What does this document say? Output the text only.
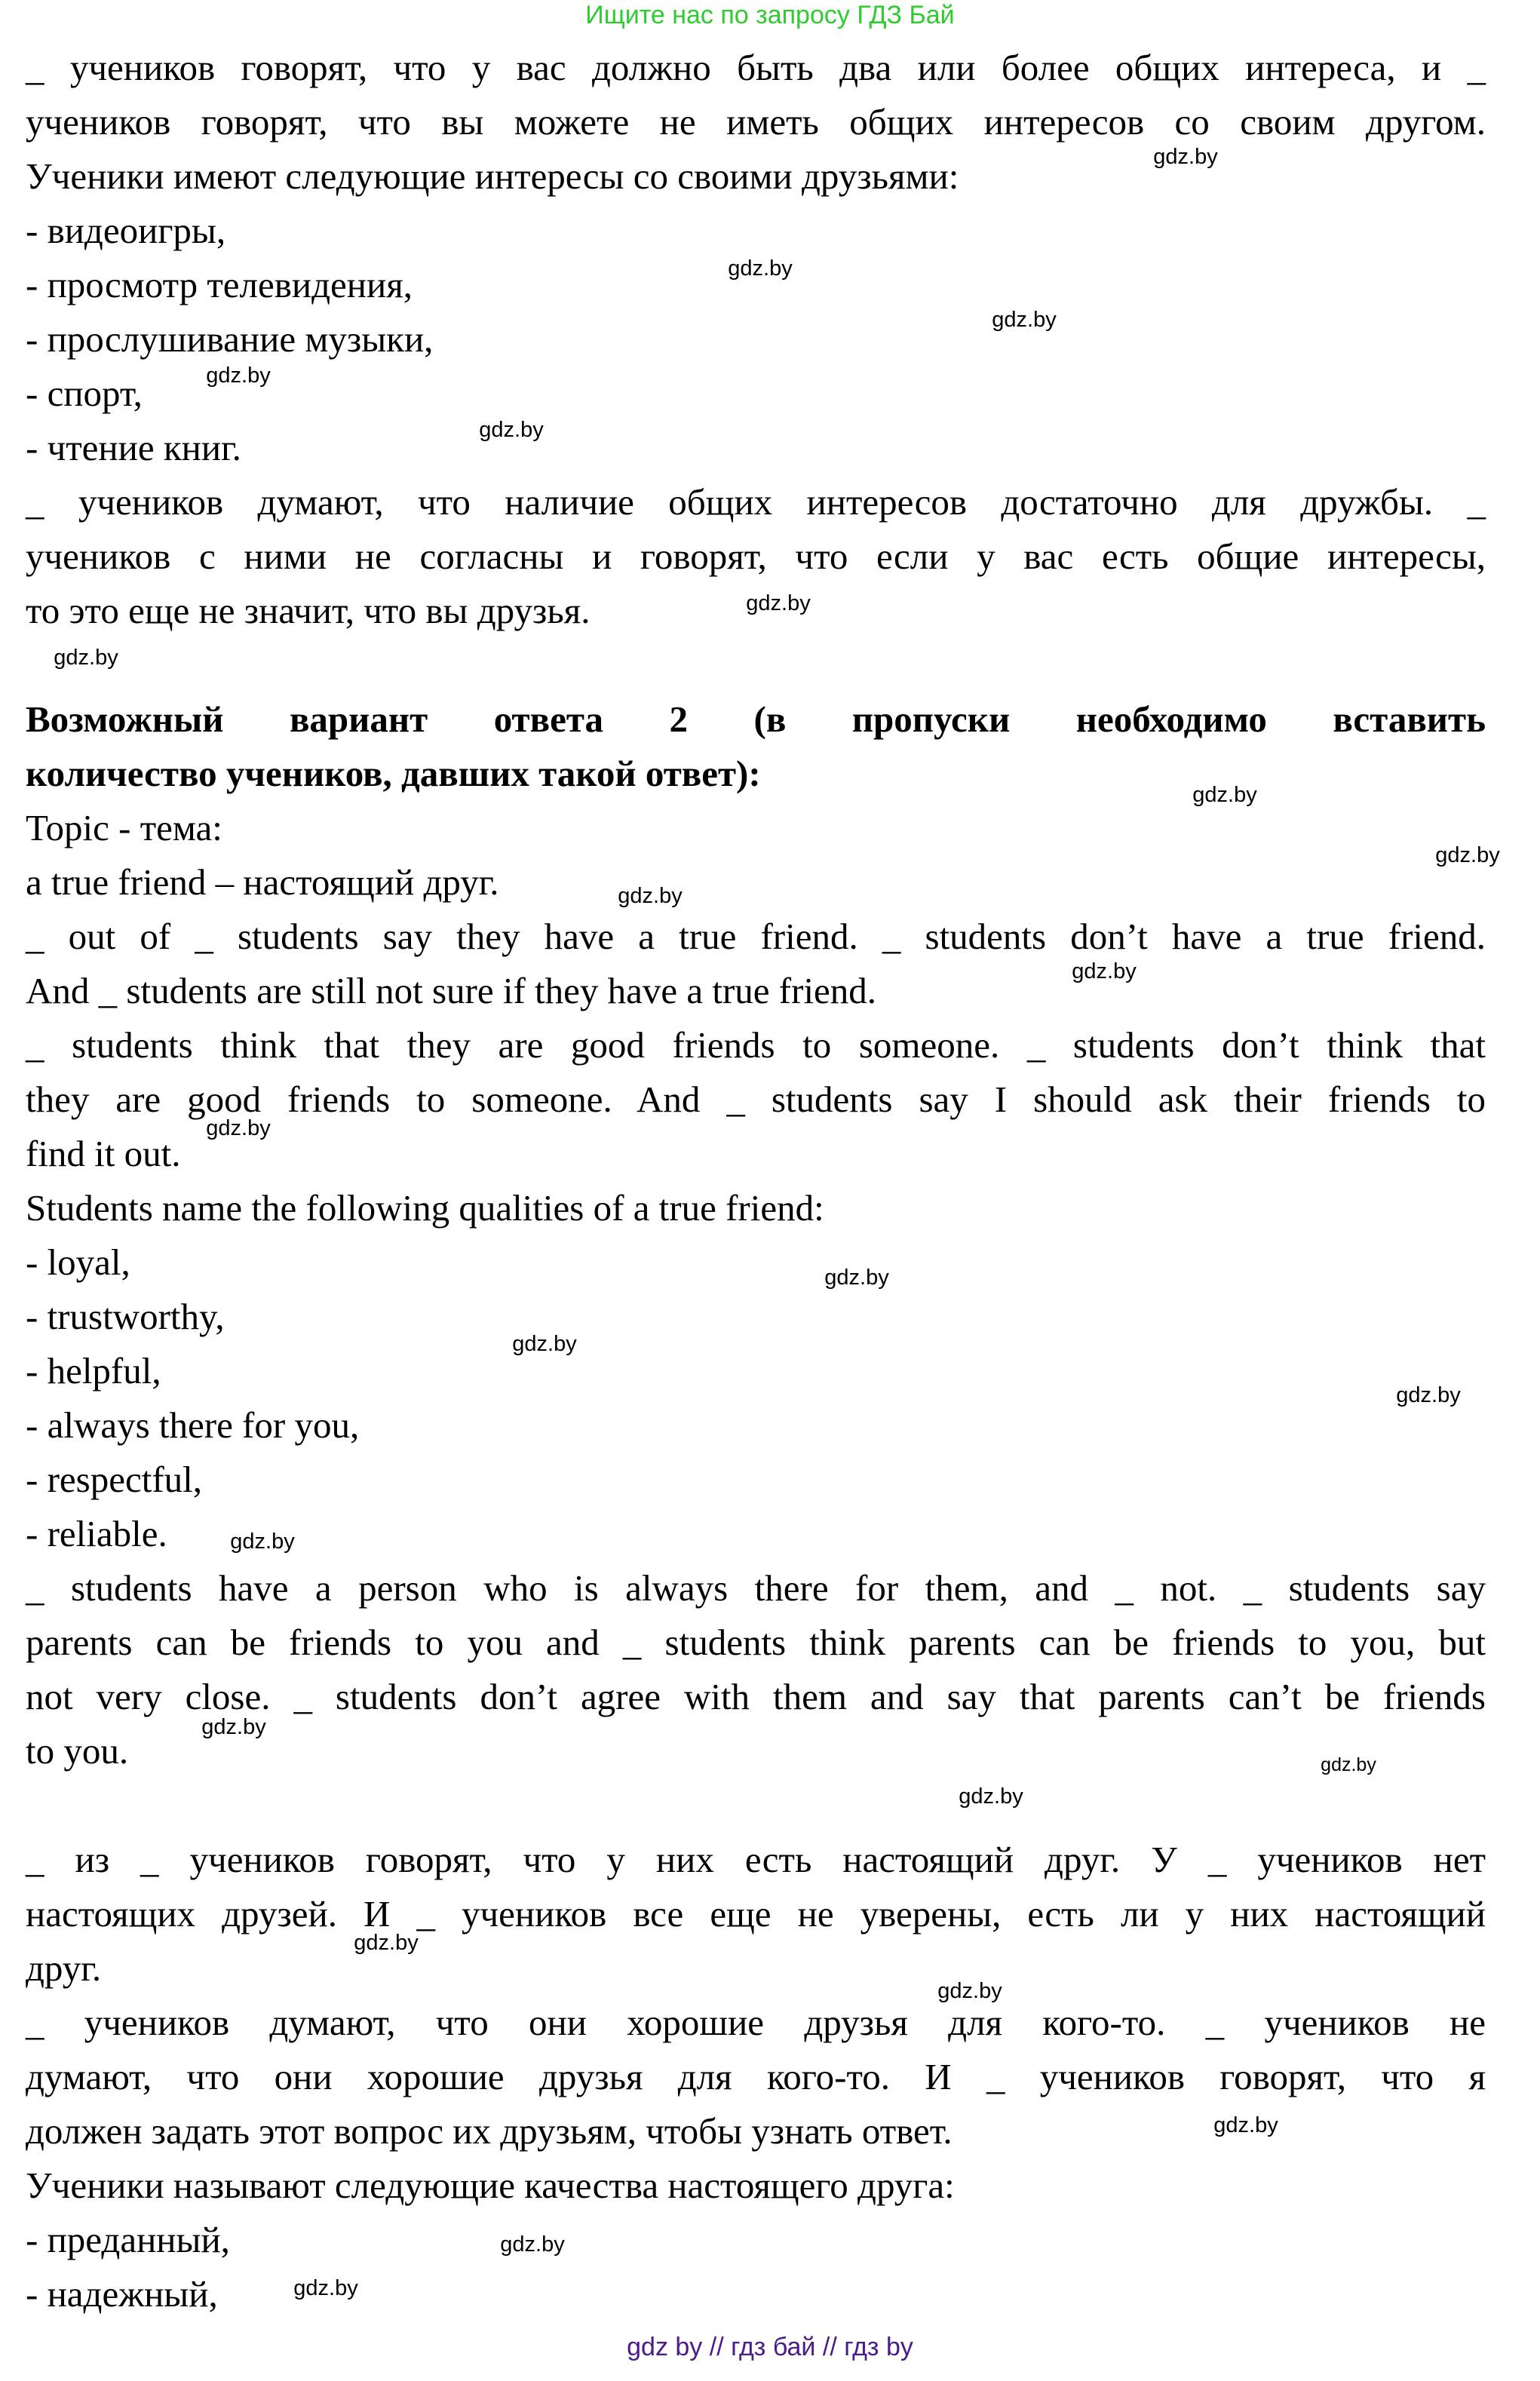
Ищите нас по запросу ГДЗ Бай
_ учеников говорят, что у вас должно быть два или более общих интереса, и _
учеников говорят, что вы можете не иметь общих интересов со своим другом.
Ученики имеют следующие интересы со своими друзьями:
- видеоигры,
- просмотр телевидения,
- прослушивание музыки,
- спорт,
- чтение книг.
_ учеников думают, что наличие общих интересов достаточно для дружбы. _
учеников с ними не согласны и говорят, что если у вас есть общие интересы,
то это еще не значит, что вы друзья.
Возможный вариант ответа 2 (в пропуски необходимо вставить
количество учеников, давших такой ответ):
Topic - тема:
a true friend – настоящий друг.
_ out of _ students say they have a true friend. _ students don’t have a true friend.
And _ students are still not sure if they have a true friend.
_ students think that they are good friends to someone. _ students don’t think that
they are good friends to someone. And _ students say I should ask their friends to
find it out.
Students name the following qualities of a true friend:
- loyal,
- trustworthy,
- helpful,
- always there for you,
- respectful,
- reliable.
_ students have a person who is always there for them, and _ not. _ students say
parents can be friends to you and _ students think parents can be friends to you, but
not very close. _ students don’t agree with them and say that parents can’t be friends
to you.
_ из _ учеников говорят, что у них есть настоящий друг. У _ учеников нет
настоящих друзей. И _ учеников все еще не уверены, есть ли у них настоящий
друг.
_ учеников думают, что они хорошие друзья для кого-то. _ учеников не
думают, что они хорошие друзья для кого-то. И _ учеников говорят, что я
должен задать этот вопрос их друзьям, чтобы узнать ответ.
Ученики называют следующие качества настоящего друга:
- преданный,
- надежный,
gdz.by
gdz.by
gdz.by
gdz.by
gdz.by
gdz.by
gdz.by
gdz.by
gdz.by
gdz.by
gdz.by
gdz.by
gdz.by
gdz.by
gdz.by
gdz.by
gdz.by
gdz.by
gdz.by
gdz.by
gdz.by
gdz.by
gdz.by
gdz.by
gdz by // гдз бай // гдз by
